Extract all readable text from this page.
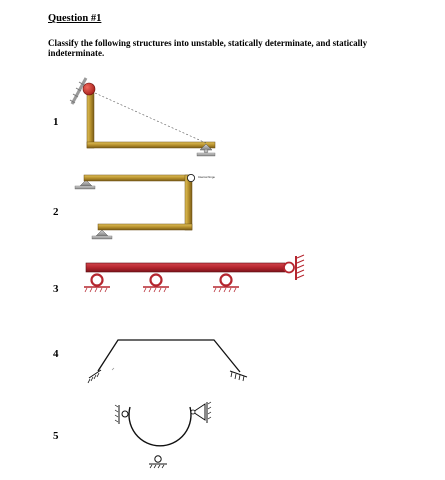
Question #1
Classify the following structures into unstable, statically determinate, and statically indeterminate.
1
2
3
4
5
Internal hinge
